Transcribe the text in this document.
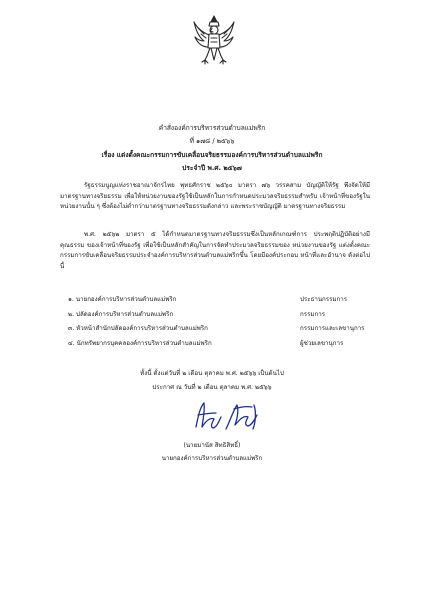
คำสั่งองค์การบริหารส่วนตำบลแม่พริก
ที่ ๑๗๘ / ๒๕๖๖
เรื่อง แต่งตั้งคณะกรรมการขับเคลื่อนจริยธรรมองค์การบริหารส่วนตำบลแม่พริก
ประจำปี พ.ศ. ๒๕๖๗
รัฐธรรมนูญแห่งราชอาณาจักรไทย พุทธศักราช ๒๕๖๐ มาตรา ๗๖ วรรคสาม บัญญัติให้รัฐ พึงจัดให้มีมาตรฐานทางจริยธรรม เพื่อให้หน่วยงานของรัฐใช้เป็นหลักในการกำหนดประมวลจริยธรรมสำหรับ เจ้าหน้าที่ของรัฐในหน่วยงานนั้น ๆ ซึ่งต้องไม่ต่ำกว่ามาตรฐานทางจริยธรรมดังกล่าว และพระราชบัญญัติ มาตรฐานทางจริยธรรม
พ.ศ. ๒๕๖๒ มาตรา ๕ ได้กำหนดมาตรฐานทางจริยธรรมซึ่งเป็นหลักเกณฑ์การ ประพฤติปฏิบัติอย่างมีคุณธรรม ของเจ้าหน้าที่ของรัฐ เพื่อใช้เป็นหลักสำคัญในการจัดทำประมวลจริยธรรมของ หน่วยงานของรัฐ แต่งตั้งคณะกรรมการขับเคลื่อนจริยธรรมประจำองค์การบริหารส่วนตำบลแม่พริกขึ้น โดยมีองค์ประกอบ หน้าที่และอำนาจ ดังต่อไปนี้
๑. นายกองค์การบริหารส่วนตำบลแม่พริก	ประธานกรรมการ
๒. ปลัดองค์การบริหารส่วนตำบลแม่พริก	กรรมการ
๓. หัวหน้าสำนักปลัดองค์การบริหารส่วนตำบลแม่พริก	กรรมการและเลขานุการ
๔. นักทรัพยากรบุคคลองค์การบริหารส่วนตำบลแม่พริก	ผู้ช่วยเลขานุการ
ทั้งนี้ ตั้งแต่วันที่ ๒ เดือน ตุลาคม พ.ศ. ๒๕๖๖ เป็นต้นไป
ประกาศ ณ วันที่ ๒ เดือน ตุลาคม พ.ศ. ๒๕๖๖
(นายมานัส สิทธิสิทธิ์)
นายกองค์การบริหารส่วนตำบลแม่พริก
